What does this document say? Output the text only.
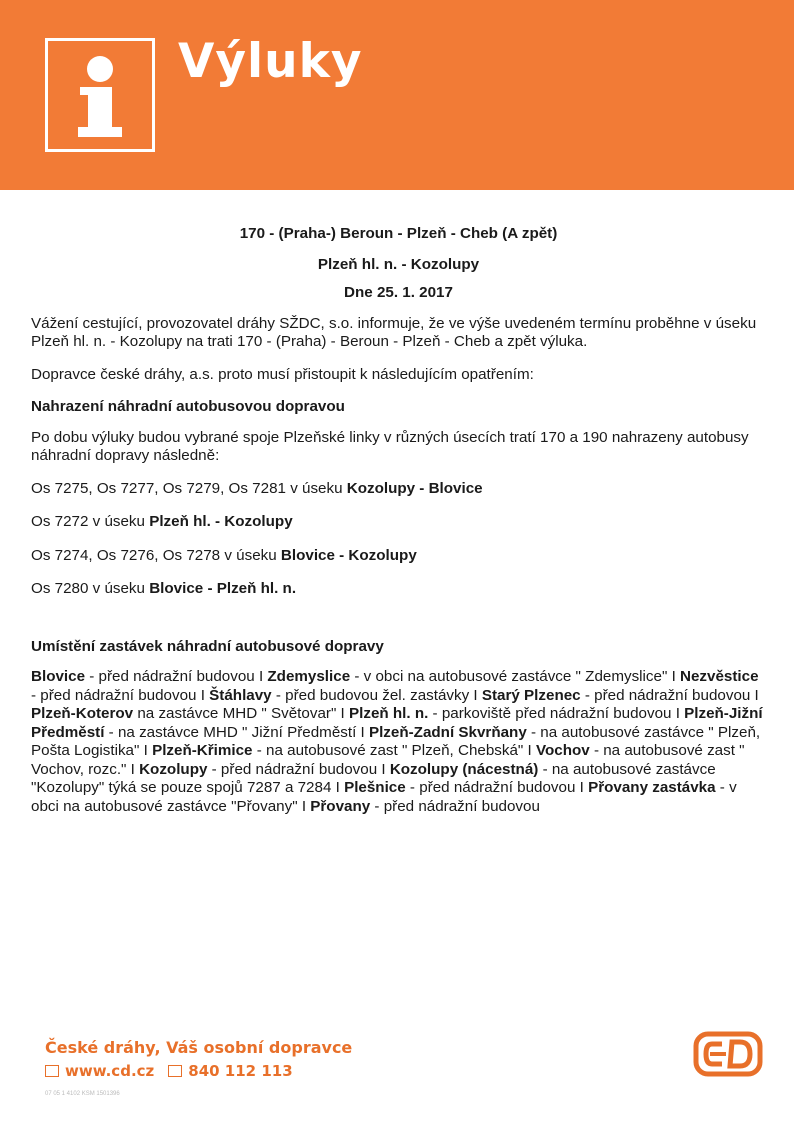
Výluky
170 - (Praha-) Beroun - Plzeň - Cheb (A zpět)
Plzeň hl. n. - Kozolupy
Dne 25. 1. 2017

Vážení cestující, provozovatel dráhy SŽDC, s.o. informuje, že ve výše uvedeném termínu proběhne v úseku Plzeň hl. n. - Kozolupy na trati 170 - (Praha) - Beroun - Plzeň - Cheb a zpět výluka.

Dopravce české dráhy, a.s. proto musí přistoupit k následujícím opatřením:

Nahrazení náhradní autobusovou dopravou

Po dobu výluky budou vybrané spoje Plzeňské linky v různých úsecích tratí 170 a 190 nahrazeny autobusy náhradní dopravy následně:

Os 7275, Os 7277, Os 7279, Os 7281 v úseku Kozolupy - Blovice
Os 7272 v úseku Plzeň hl. - Kozolupy
Os 7274, Os 7276, Os 7278 v úseku Blovice - Kozolupy
Os 7280 v úseku Blovice - Plzeň hl. n.
Umístění zastávek náhradní autobusové dopravy
Blovice - před nádražní budovou I Zdemyslice - v obci na autobusové zastávce " Zdemyslice" I Nezvěstice - před nádražní budovou I Štáhlavy - před budovou žel. zastávky I Starý Plzenec - před nádražní budovou I Plzeň-Koterov na zastávce MHD " Světovar" I Plzeň hl. n. - parkoviště před nádražní budovou I Plzeň-Jižní Předměstí - na zastávce MHD " Jižní Předměstí I Plzeň-Zadní Skvrňany - na autobusové zastávce " Plzeň, Pošta Logistika" I Plzeň-Křimice - na autobusové zast " Plzeň, Chebská" I Vochov - na autobusové zast " Vochov, rozc." I Kozolupy - před nádražní budovou I Kozolupy (nácestná) - na autobusové zastávce "Kozolupy" týká se pouze spojů 7287 a 7284 I Plešnice - před nádražní budovou I Přovany zastávka - v obci na autobusové zastávce "Přovany" I Přovany - před nádražní budovou
České dráhy, Váš osobní dopravce
www.cd.cz 840 112 113
07 05 1 4102 KSM 1501396
